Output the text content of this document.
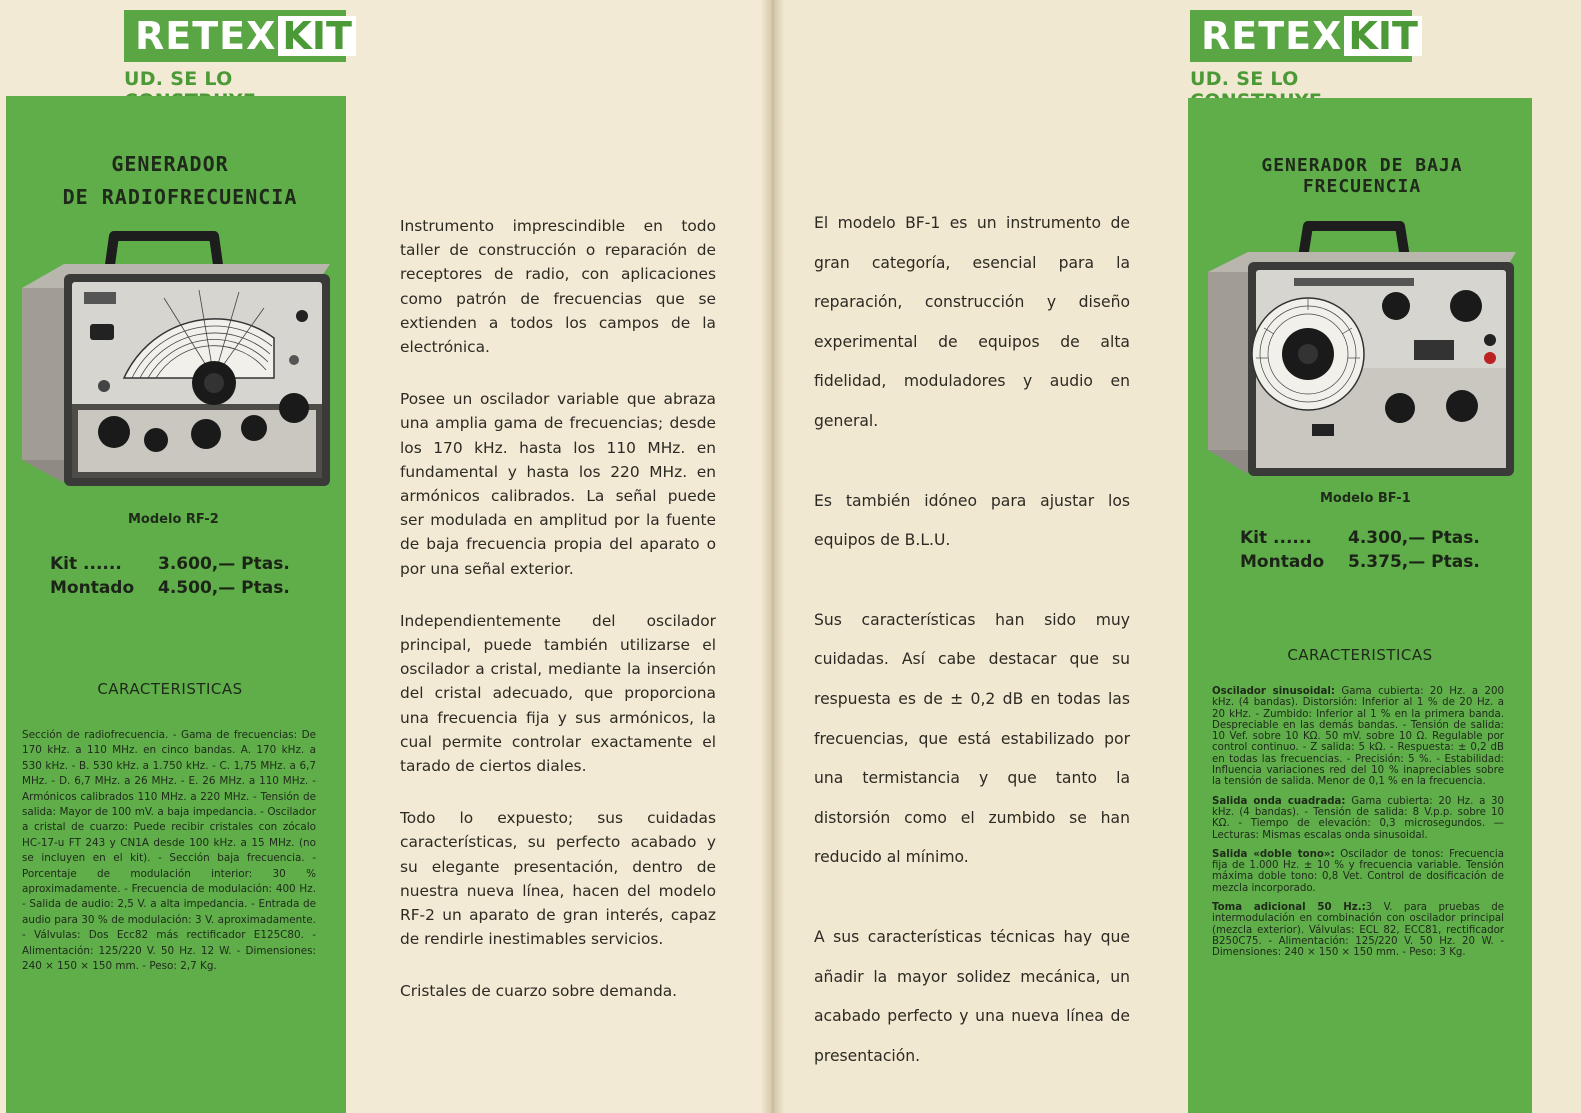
RETEX KIT
UD. SE LO
GENERADOR
DE RADIOFRECUENCIA
Modelo RF-2
Kit ...... 3.600,— Ptas.
Montado 4.500,— Ptas.
CARACTERISTICAS
Sección de radiofrecuencia. - Gama de frecuencias: De 170 kHz. a 110 MHz. en cinco bandas. A. 170 kHz. a 530 kHz. - B. 530 kHz. a 1.750 kHz. - C. 1,75 MHz. a 6,7 MHz. - D. 6,7 MHz. a 26 MHz. - E. 26 MHz. a 110 MHz. - Armónicos calibrados 110 MHz. a 220 MHz. - Tensión de salida: Mayor de 100 mV. a baja impedancia. - Oscilador a cristal de cuarzo: Puede recibir cristales con zócalo HC-17-u FT 243 y CN1A desde 100 kHz. a 15 MHz. (no se incluyen en el kit). - Sección baja frecuencia. - Porcentaje de modulación interior: 30 % aproximadamente. - Frecuencia de modulación: 400 Hz. - Salida de audio: 2,5 V. a alta impedancia. - Entrada de audio para 30 % de modulación: 3 V. aproximadamente. - Válvulas: Dos Ecc82 más rectificador E125C80. - Alimentación: 125/220 V. 50 Hz. 12 W. - Dimensiones: 240 × 150 × 150 mm. - Peso: 2,7 Kg.

Instrumento imprescindible en todo taller de construcción o reparación de receptores de radio, con aplicaciones como patrón de frecuencias que se extienden a todos los campos de la electrónica.

Posee un oscilador variable que abraza una amplia gama de frecuencias; desde los 170 kHz. hasta los 110 MHz. en fundamental y hasta los 220 MHz. en armónicos calibrados. La señal puede ser modulada en amplitud por la fuente de baja frecuencia propia del aparato o por una señal exterior.

Independientemente del oscilador principal, puede también utilizarse el oscilador a cristal, mediante la inserción del cristal adecuado, que proporciona una frecuencia fija y sus armónicos, la cual permite controlar exactamente el tarado de ciertos diales.

Todo lo expuesto; sus cuidadas características, su perfecto acabado y su elegante presentación, dentro de nuestra nueva línea, hacen del modelo RF-2 un aparato de gran interés, capaz de rendirle inestimables servicios.

Cristales de cuarzo sobre demanda.

El modelo BF-1 es un instrumento de gran categoría, esencial para la reparación, construcción y diseño experimental de equipos de alta fidelidad, moduladores y audio en general.

Es también idóneo para ajustar los equipos de B.L.U.

Sus características han sido muy cuidadas. Así cabe destacar que su respuesta es de ± 0,2 dB en todas las frecuencias, que está estabilizado por una termistancia y que tanto la distorsión como el zumbido se han reducido al mínimo.

A sus características técnicas hay que añadir la mayor solidez mecánica, un acabado perfecto y una nueva línea de presentación.

RETEX KIT
UD. SE LO
GENERADOR DE BAJA FRECUENCIA
Modelo BF-1
Kit ...... 4.300,— Ptas.
Montado 5.375,— Ptas.
CARACTERISTICAS

Oscilador sinusoidal: Gama cubierta: 20 Hz. a 200 kHz. (4 bandas). Distorsión: Inferior al 1 % de 20 Hz. a 20 kHz. - Zumbido: Inferior al 1 % en la primera banda. Despreciable en las demás bandas. - Tensión de salida: 10 Vef. sobre 10 KΩ. 50 mV. sobre 10 Ω. Regulable por control continuo. - Z salida: 5 kΩ. - Respuesta: ± 0,2 dB en todas las frecuencias. - Precisión: 5 %. - Estabilidad: Influencia variaciones red del 10 % inapreciables sobre la tensión de salida. Menor de 0,1 % en la frecuencia.

Salida onda cuadrada: Gama cubierta: 20 Hz. a 30 kHz. (4 bandas). - Tensión de salida: 8 V.p.p. sobre 10 KΩ. - Tiempo de elevación: 0,3 microsegundos. — Lecturas: Mismas escalas onda sinusoidal.

Salida «doble tono»: Oscilador de tonos: Frecuencia fija de 1.000 Hz. ± 10 % y frecuencia variable. Tensión máxima doble tono: 0,8 Vet. Control de dosificación de mezcla incorporado.

Toma adicional 50 Hz.:3 V. para pruebas de intermodulación en combinación con oscilador principal (mezcla exterior). Válvulas: ECL 82, ECC81, rectificador B250C75. - Alimentación: 125/220 V. 50 Hz. 20 W. - Dimensiones: 240 × 150 × 150 mm. - Peso: 3 Kg.
